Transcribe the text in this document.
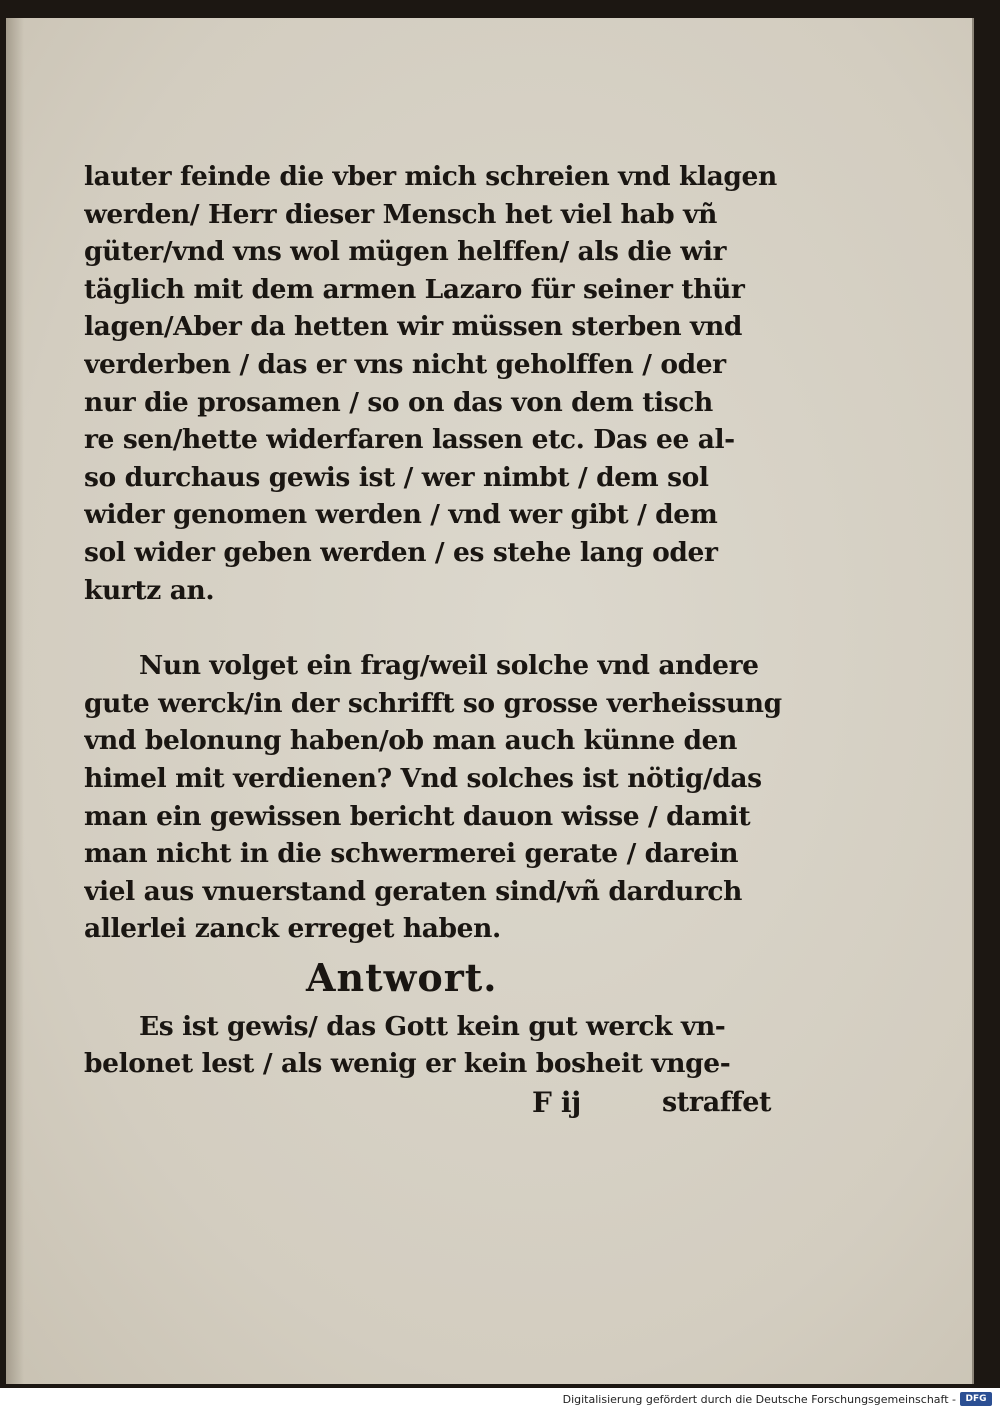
lauter feinde die vber mich schreien vnd klagen
werden/ Herr dieser Mensch het viel hab vñ
güter/vnd vns wol mügen helffen/ als die wir
täglich mit dem armen Lazaro für seiner thür
lagen/Aber da hetten wir müssen sterben vnd
verderben / das er vns nicht geholffen / oder
nur die prosamen / so on das von dem tisch
re sen/hette widerfaren lassen etc. Das ee al-
so durchaus gewis ist / wer nimbt / dem sol
wider genomen werden / vnd wer gibt / dem
sol wider geben werden / es stehe lang oder
kurtz an.
Nun volget ein frag/weil solche vnd andere
gute werck/in der schrifft so grosse verheissung
vnd belonung haben/ob man auch künne den
himel mit verdienen? Vnd solches ist nötig/das
man ein gewissen bericht dauon wisse / damit
man nicht in die schwermerei gerate / darein
viel aus vnuerstand geraten sind/vñ dardurch
allerlei zanck erreget haben.
Antwort.
Es ist gewis/ das Gott kein gut werck vn-
belonet lest / als wenig er kein bosheit vnge-
F ij	straffet
Digitalisierung gefördert durch die Deutsche Forschungsgemeinschaft -	DFG
